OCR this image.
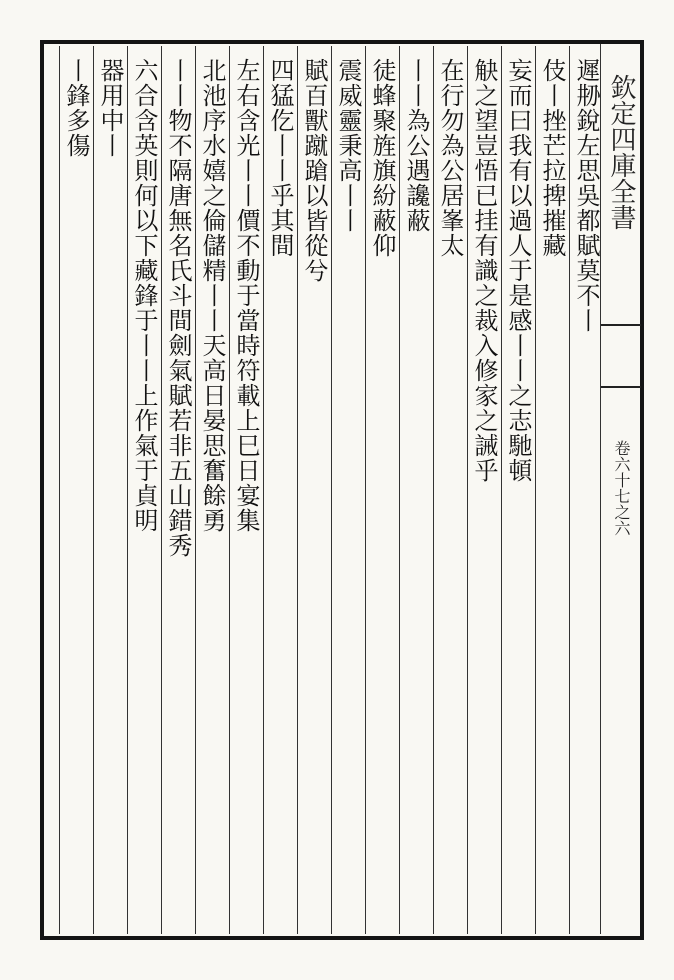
欽定四庫全書
卷六十七之六
遲刱銳左思吳都賦莫不丨
伎丨挫芒拉捭摧藏
妄而曰我有以過人于是感丨丨之志馳頓
觖之望豈悟已挂有識之裁入修家之誡乎
在行勿為公居峯太
丨丨為公遇讒蔽
徒蜂聚旌旗紛蔽仰
震威靈秉高丨丨
賦百獸蹴蹌以皆從兮
四猛仡丨丨乎其間
左右含光丨丨價不動于當時符載上巳日宴集
北池序水嬉之倫儲精丨丨天高日晏思奮餘勇
丨丨物不隔唐無名氏斗間劍氣賦若非五山錯秀
六合含英則何以下藏鋒于丨丨上作氣于貞明
器用中丨
丨鋒多傷
